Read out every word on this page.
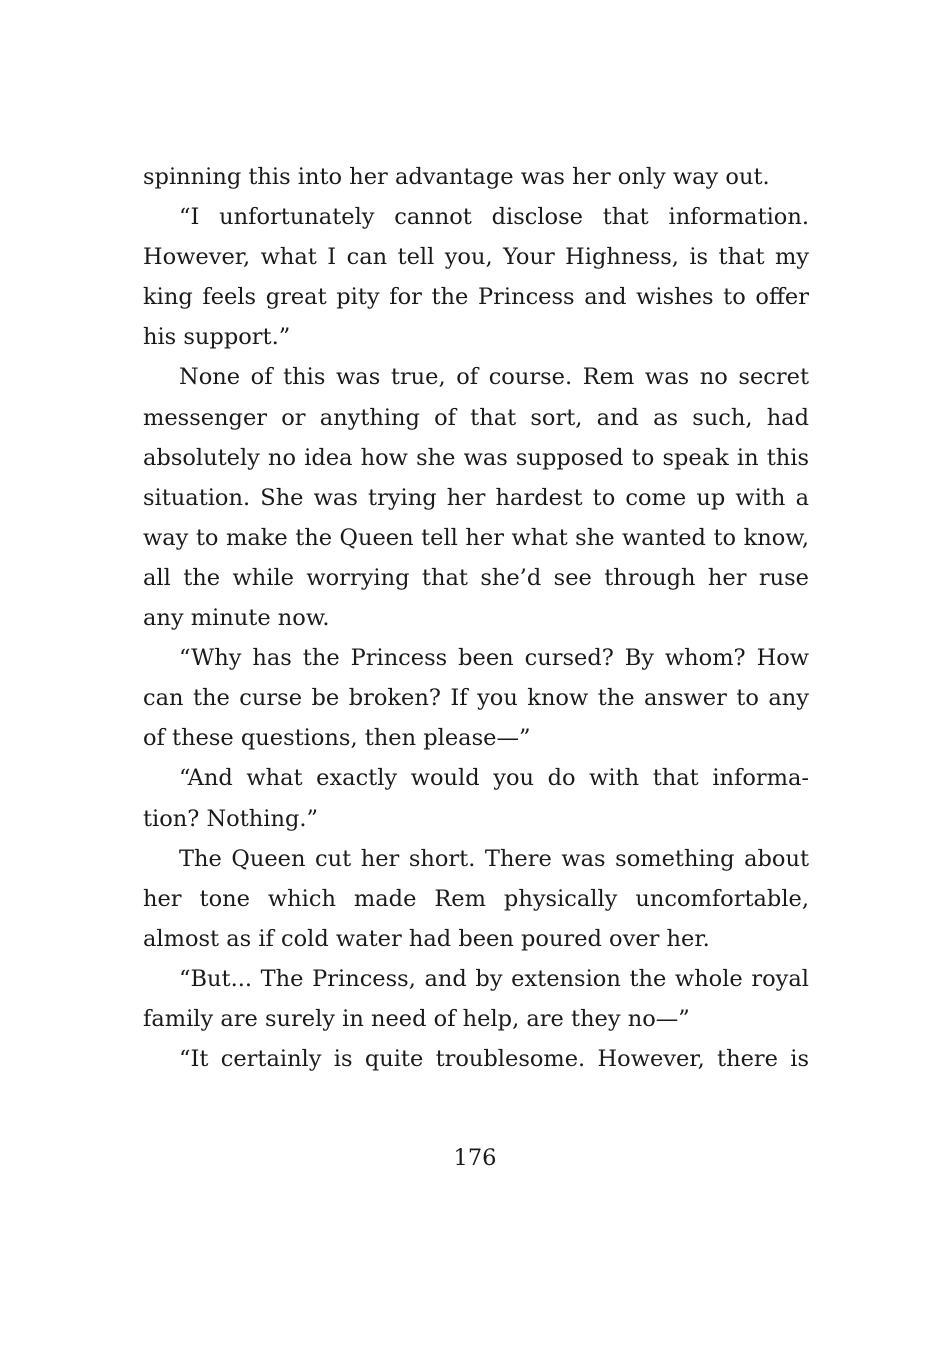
spinning this into her advantage was her only way out.
“I unfortunately cannot disclose that information.
However, what I can tell you, Your Highness, is that my
king feels great pity for the Princess and wishes to offer
his support.”
None of this was true, of course. Rem was no secret
messenger or anything of that sort, and as such, had
absolutely no idea how she was supposed to speak in this
situation. She was trying her hardest to come up with a
way to make the Queen tell her what she wanted to know,
all the while worrying that she’d see through her ruse
any minute now.
“Why has the Princess been cursed? By whom? How
can the curse be broken? If you know the answer to any
of these questions, then please—”
“And what exactly would you do with that informa-
tion? Nothing.”
The Queen cut her short. There was something about
her tone which made Rem physically uncomfortable,
almost as if cold water had been poured over her.
“But... The Princess, and by extension the whole royal
family are surely in need of help, are they no—”
“It certainly is quite troublesome. However, there is
176
